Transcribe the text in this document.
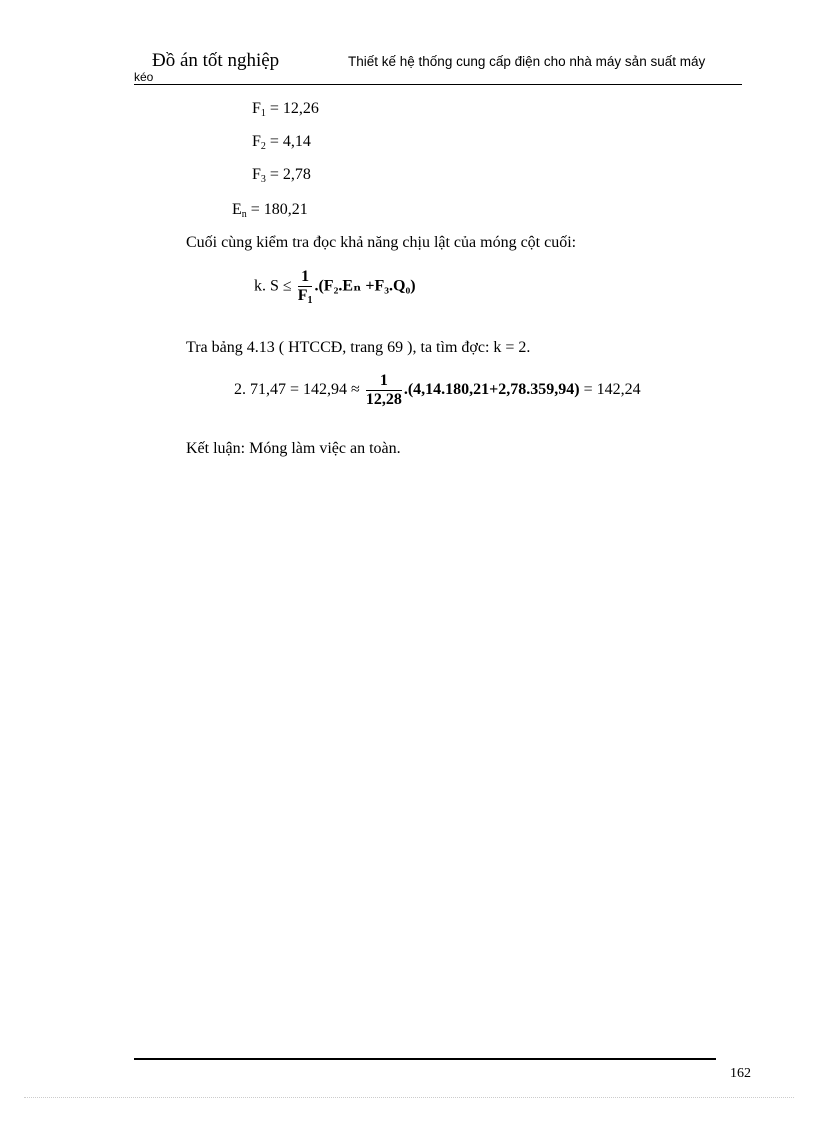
Đồ án tốt nghiệp	Thiết kế hệ thống cung cấp điện cho nhà máy sản suất máy
kéo
$F_1 = 12,26$
$F_2 = 4,14$
$F_3 = 2,78$
$E_n = 180,21$
Cuối cùng kiểm tra đọc khả năng chịu lật của móng cột cuối:
k. $S \le \frac{1}{F_1} .(F_2.E_n +F_3.Q_0)$
Tra bảng 4.13 ( HTCCĐ, trang 69 ), ta tìm đợc: k = 2.
2. $71,47 = 142,94 \approx \frac{1}{12,28} .(4,14.180,21+2,78.359,94) = 142,24$
Kết luận: Móng làm việc an toàn.
162
